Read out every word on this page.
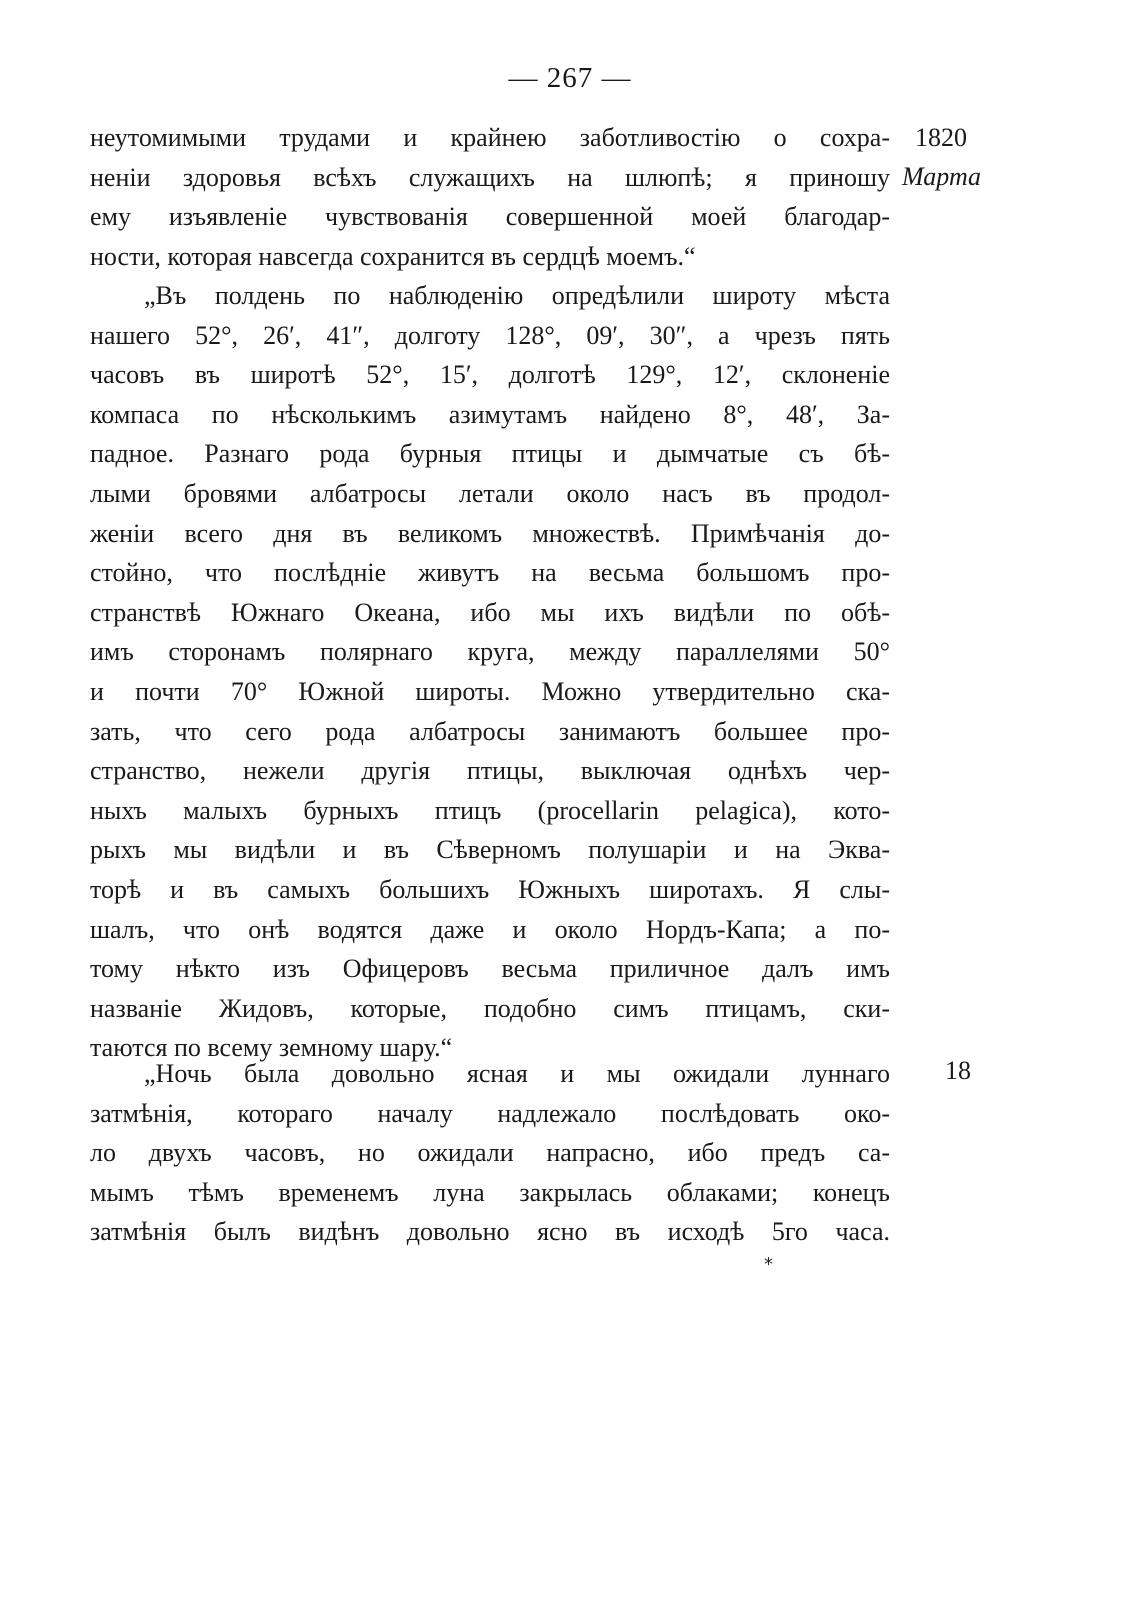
— 267 —
неутомимыми трудами и крайнею заботливостію о сохра-
неніи здоровья всѣхъ служащихъ на шлюпѣ; я приношу
ему изъявленіе чувствованія совершенной моей благодар-
ности, которая навсегда сохранится въ сердцѣ моемъ.“
„Въ полдень по наблюденію опредѣлили широту мѣста
нашего 52°, 26′, 41″, долготу 128°, 09′, 30″, а чрезъ пять
часовъ въ широтѣ 52°, 15′, долготѣ 129°, 12′, склоненіе
компаса по нѣсколькимъ азимутамъ найдено 8°, 48′, За-
падное. Разнаго рода бурныя птицы и дымчатые съ бѣ-
лыми бровями албатросы летали около насъ въ продол-
женіи всего дня въ великомъ множествѣ. Примѣчанія до-
стойно, что послѣдніе живутъ на весьма большомъ про-
странствѣ Южнаго Океана, ибо мы ихъ видѣли по обѣ-
имъ сторонамъ полярнаго круга, между параллелями 50°
и почти 70° Южной широты. Можно утвердительно ска-
зать, что сего рода албатросы занимаютъ большее про-
странство, нежели другія птицы, выключая однѣхъ чер-
ныхъ малыхъ бурныхъ птицъ (procellarin pelagica), кото-
рыхъ мы видѣли и въ Сѣверномъ полушаріи и на Эква-
торѣ и въ самыхъ большихъ Южныхъ широтахъ. Я слы-
шалъ, что онѣ водятся даже и около Нордъ-Капа; а по-
тому нѣкто изъ Офицеровъ весьма приличное далъ имъ
названіе Жидовъ, которые, подобно симъ птицамъ, ски-
таются по всему земному шару.“
„Ночь была довольно ясная и мы ожидали луннаго
затмѣнія, котораго началу надлежало послѣдовать око-
ло двухъ часовъ, но ожидали напрасно, ибо предъ са-
мымъ тѣмъ временемъ луна закрылась облаками; конецъ
затмѣнія былъ видѣнъ довольно ясно въ исходѣ 5го часа.
1820
Марта
18
*
